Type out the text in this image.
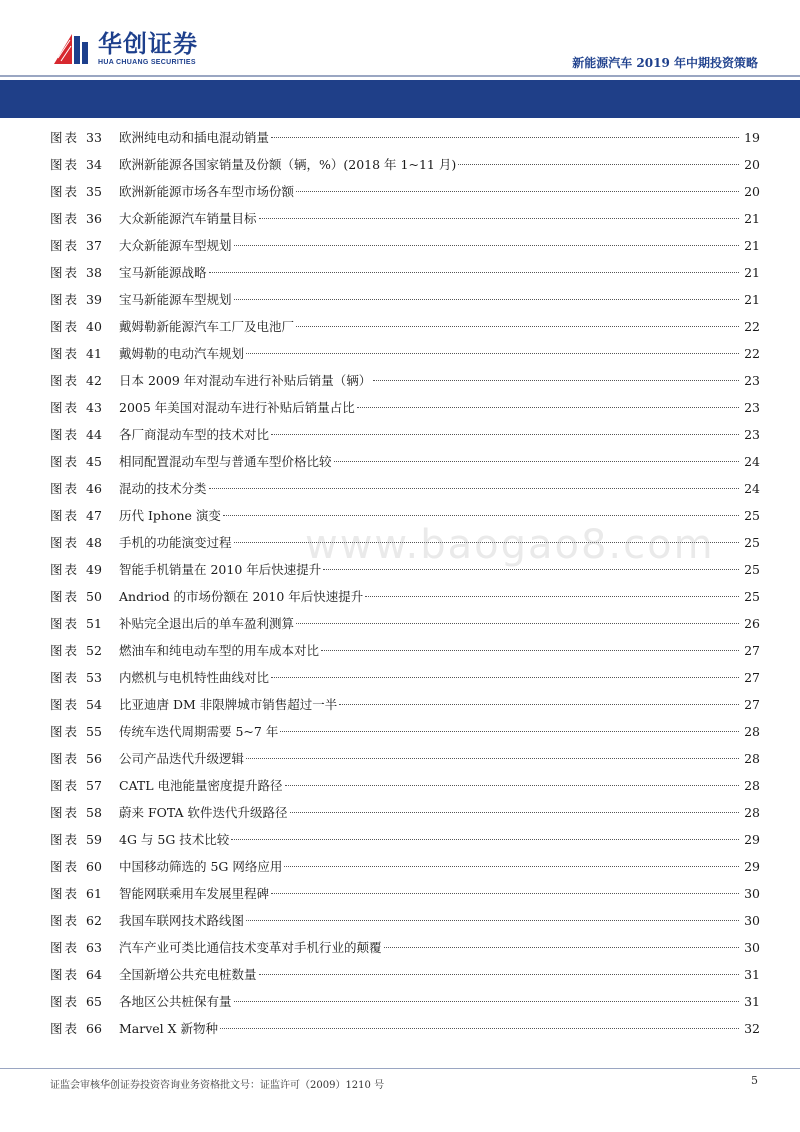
华创证券
HUA CHUANG SECURITIES	新能源汽车 2019 年中期投资策略
图表 33	欧洲纯电动和插电混动销量	19
图表 34	欧洲新能源各国家销量及份额（辆，%）(2018 年 1~11 月)	20
图表 35	欧洲新能源市场各车型市场份额	20
图表 36	大众新能源汽车销量目标	21
图表 37	大众新能源车型规划	21
图表 38	宝马新能源战略	21
图表 39	宝马新能源车型规划	21
图表 40	戴姆勒新能源汽车工厂及电池厂	22
图表 41	戴姆勒的电动汽车规划	22
图表 42	日本 2009 年对混动车进行补贴后销量（辆）	23
图表 43	2005 年美国对混动车进行补贴后销量占比	23
图表 44	各厂商混动车型的技术对比	23
图表 45	相同配置混动车型与普通车型价格比较	24
图表 46	混动的技术分类	24
图表 47	历代 Iphone 演变	25
图表 48	手机的功能演变过程	25
图表 49	智能手机销量在 2010 年后快速提升	25
图表 50	Andriod 的市场份额在 2010 年后快速提升	25
图表 51	补贴完全退出后的单车盈利测算	26
图表 52	燃油车和纯电动车型的用车成本对比	27
图表 53	内燃机与电机特性曲线对比	27
图表 54	比亚迪唐 DM 非限牌城市销售超过一半	27
图表 55	传统车迭代周期需要 5~7 年	28
图表 56	公司产品迭代升级逻辑	28
图表 57	CATL 电池能量密度提升路径	28
图表 58	蔚来 FOTA 软件迭代升级路径	28
图表 59	4G 与 5G 技术比较	29
图表 60	中国移动筛选的 5G 网络应用	29
图表 61	智能网联乘用车发展里程碑	30
图表 62	我国车联网技术路线图	30
图表 63	汽车产业可类比通信技术变革对手机行业的颠覆	30
图表 64	全国新增公共充电桩数量	31
图表 65	各地区公共桩保有量	31
图表 66	Marvel X 新物种	32
www.baogao8.com
证监会审核华创证券投资咨询业务资格批文号：证监许可（2009）1210 号	5
